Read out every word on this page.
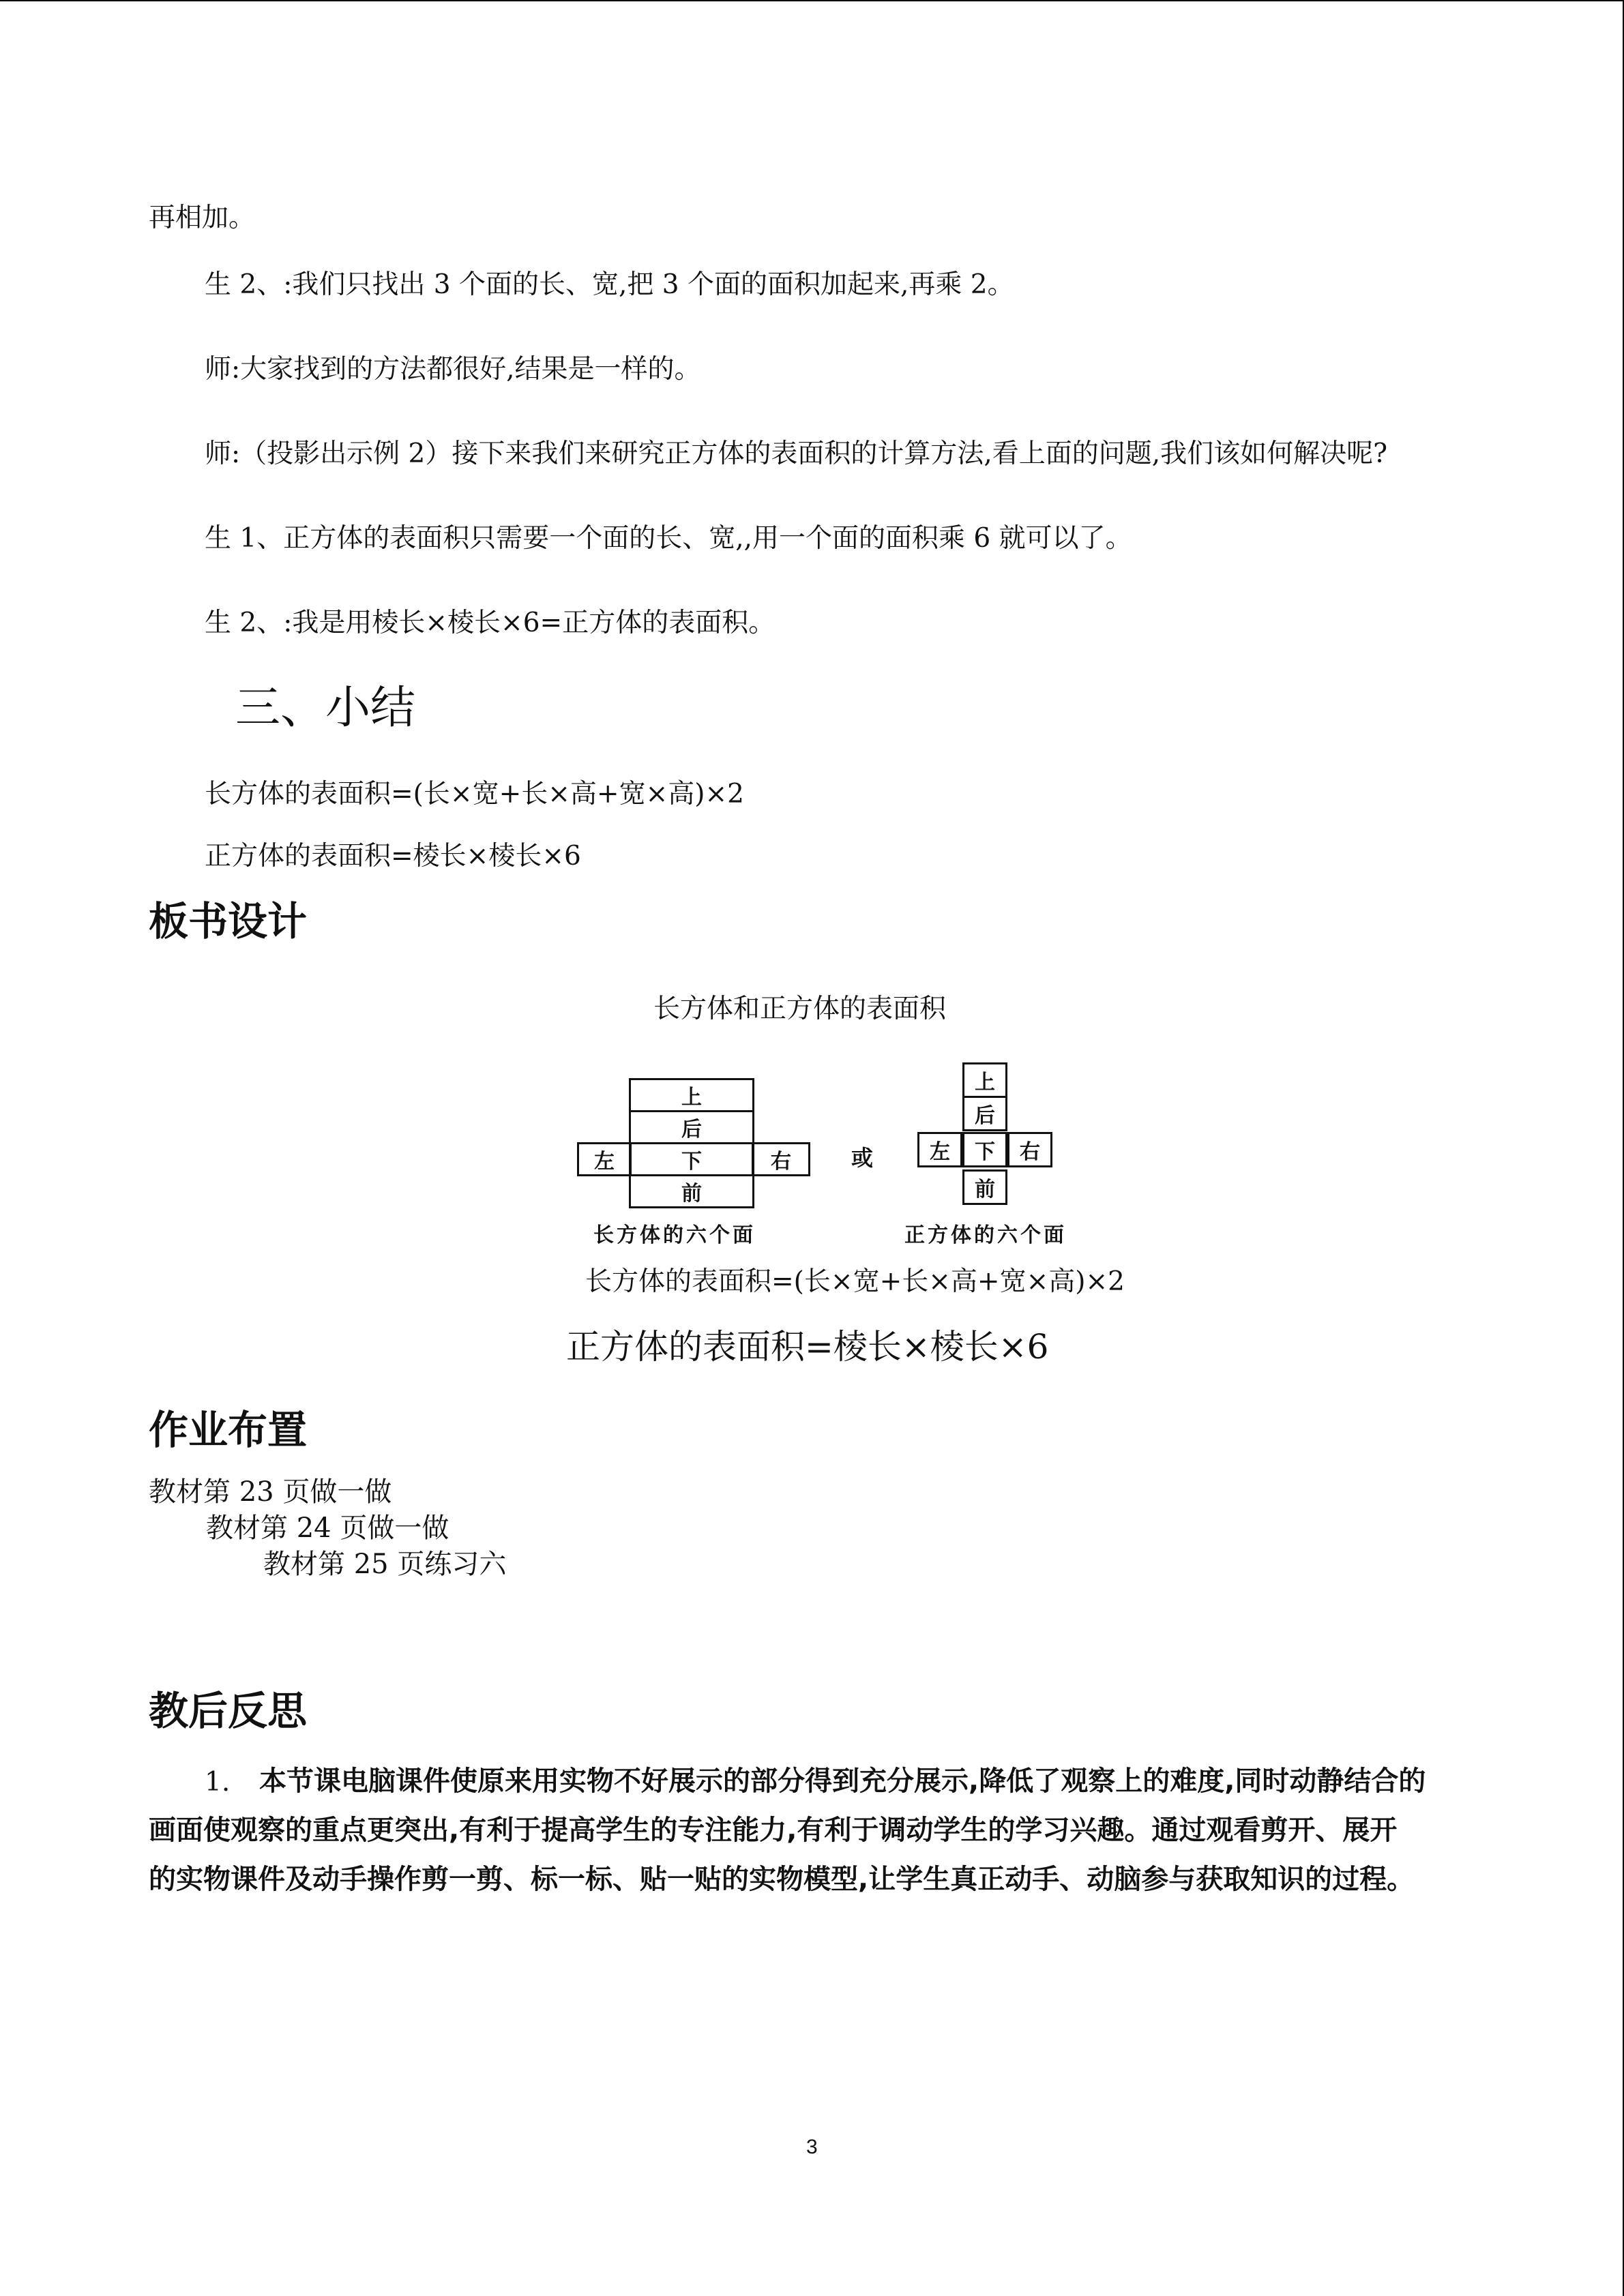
再相加。
生 2、:我们只找出 3 个面的长、宽,把 3 个面的面积加起来,再乘 2。
师:大家找到的方法都很好,结果是一样的。
师:（投影出示例 2）接下来我们来研究正方体的表面积的计算方法,看上面的问题,我们该如何解决呢?
生 1、正方体的表面积只需要一个面的长、宽,,用一个面的面积乘 6 就可以了。
生 2、:我是用棱长×棱长×6=正方体的表面积。
三、小结
长方体的表面积=(长×宽+长×高+宽×高)×2
正方体的表面积=棱长×棱长×6
板书设计
长方体和正方体的表面积
上
后
左	下	右
前
或
上
后
左	下	右
前
长方体的六个面	正方体的六个面
长方体的表面积=(长×宽+长×高+宽×高)×2
正方体的表面积=棱长×棱长×6
作业布置
教材第 23 页做一做
教材第 24 页做一做
教材第 25 页练习六
教后反思
1. 本节课电脑课件使原来用实物不好展示的部分得到充分展示,降低了观察上的难度,同时动静结合的
画面使观察的重点更突出,有利于提高学生的专注能力,有利于调动学生的学习兴趣。通过观看剪开、展开
的实物课件及动手操作剪一剪、标一标、贴一贴的实物模型,让学生真正动手、动脑参与获取知识的过程。
3
